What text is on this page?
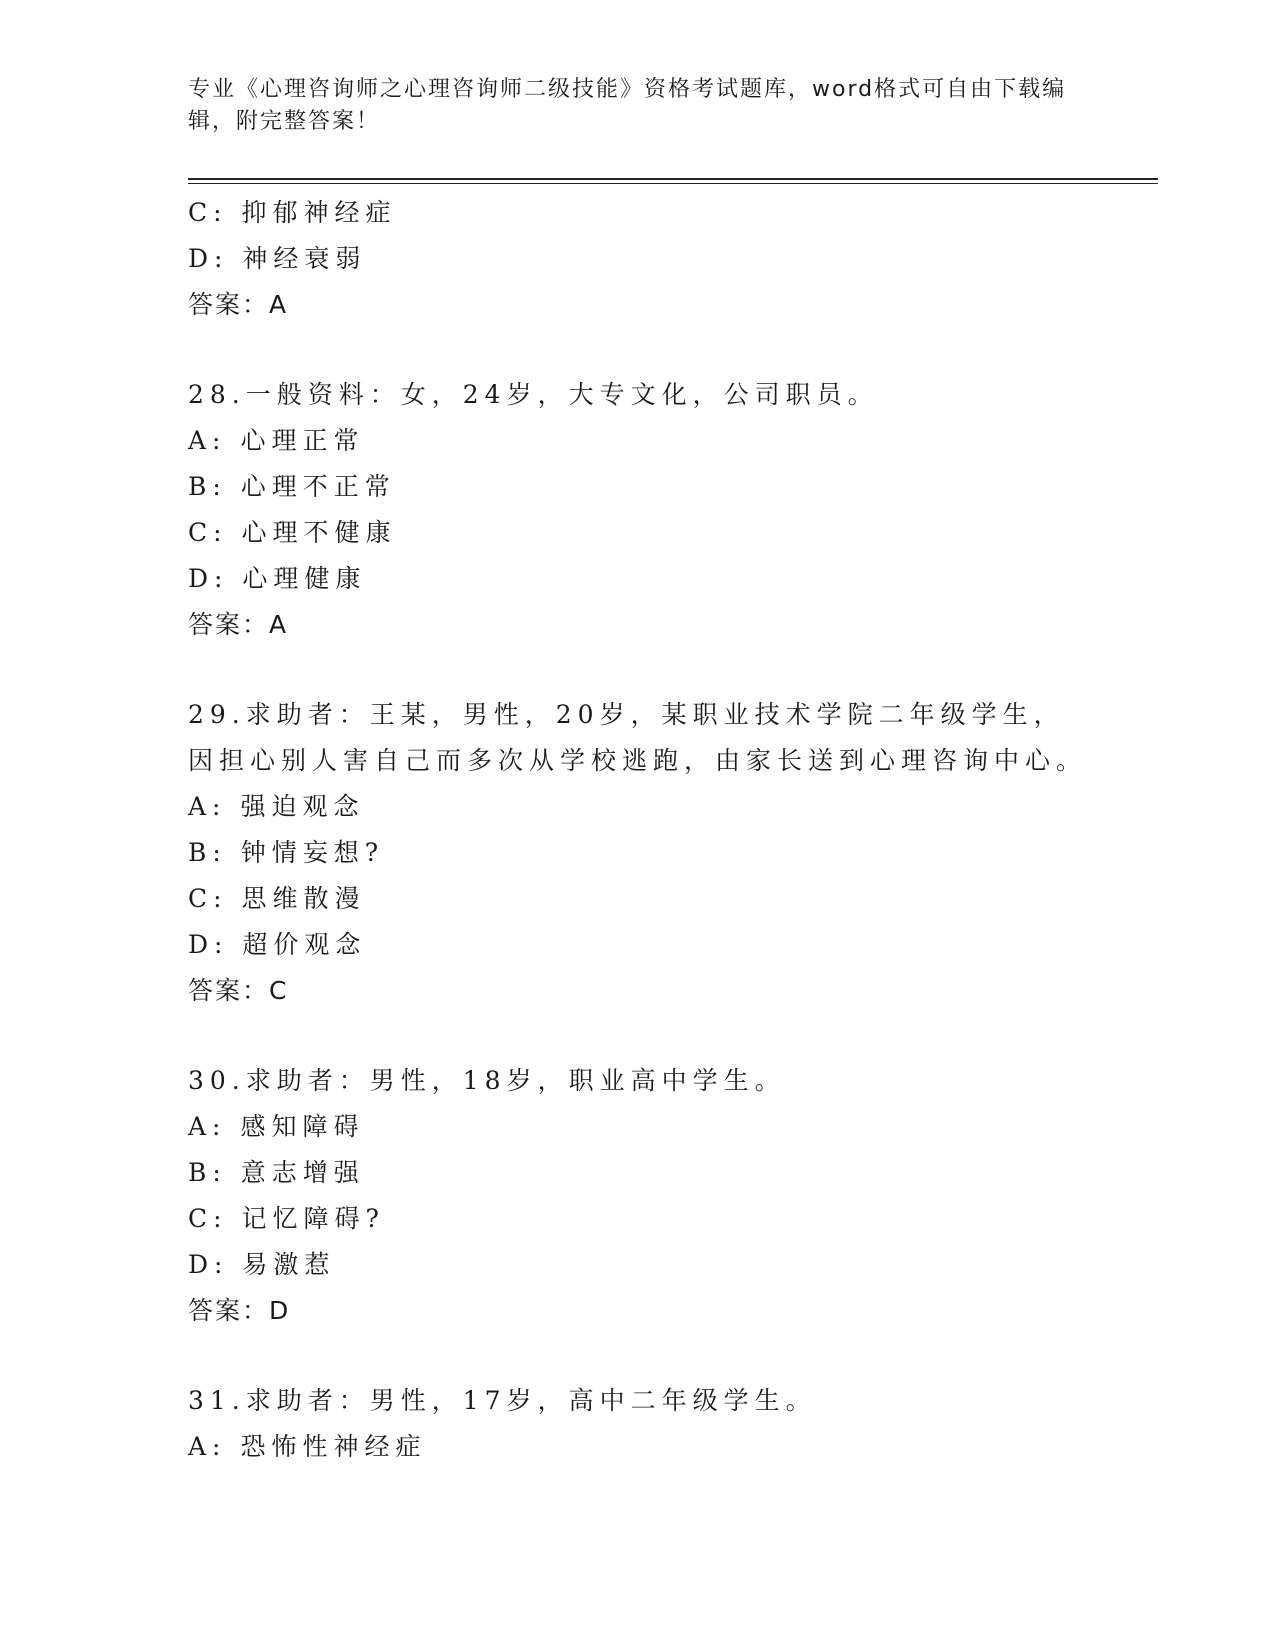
专业《心理咨询师之心理咨询师二级技能》资格考试题库，word格式可自由下载编辑，附完整答案！
C: 抑郁神经症
D: 神经衰弱
答案：A
28.一般资料：女，24岁，大专文化，公司职员。
A: 心理正常
B: 心理不正常
C: 心理不健康
D: 心理健康
答案：A
29.求助者：王某，男性，20岁，某职业技术学院二年级学生，因担心别人害自己而多次从学校逃跑，由家长送到心理咨询中心。
A: 强迫观念
B: 钟情妄想?
C: 思维散漫
D: 超价观念
答案：C
30.求助者：男性，18岁，职业高中学生。
A: 感知障碍
B: 意志增强
C: 记忆障碍?
D: 易激惹
答案：D
31.求助者：男性，17岁，高中二年级学生。
A: 恐怖性神经症
